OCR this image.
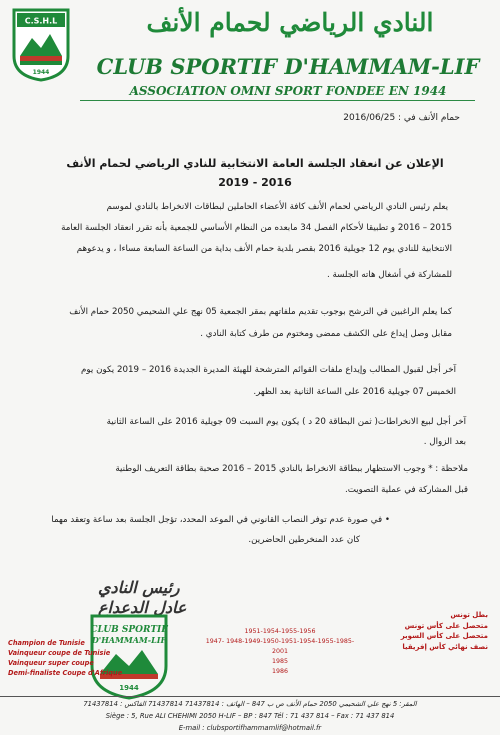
C.S.H.L
1944
النادي الرياضي لحمام الأنف
CLUB SPORTIF D'HAMMAM-LIF
ASSOCIATION OMNI SPORT FONDEE EN 1944
حمام الأنف في : 2016/06/25
الإعلان عن انعقاد الجلسة العامة الانتخابية للنادي الرياضي لحمام الأنف
2016 - 2019
يعلم رئيس النادي الرياضي لحمام الأنف كافة الأعضاء الحاملين لبطاقات الانخراط بالنادي لموسم
2015 – 2016 و تطبيقا لأحكام الفصل 34 مابعده من النظام الأساسي للجمعية بأنه تقرر انعقاد الجلسة العامة
الانتخابية للنادي يوم 12 جويلية 2016 بقصر بلدية حمام الأنف بداية من الساعة السابعة مساءا ، و يدعوهم
للمشاركة في أشغال هاته الجلسة .
كما يعلم الراغبين في الترشح بوجوب تقديم ملفاتهم بمقر الجمعية 05 نهج علي الشحيمي 2050 حمام الأنف
مقابل وصل إيداع على الكشف ممضى ومختوم من طرف كتابة النادي .
آخر أجل لقبول المطالب وإيداع ملفات القوائم المترشحة للهيئة المديرة الجديدة 2016 – 2019 يكون يوم
الخميس 07 جويلية 2016 على الساعة الثانية بعد الظهر.
آخر أجل لبيع الانخراطات( ثمن البطاقة 20 د ) يكون يوم السبت 09 جويلية 2016 على الساعة الثانية
بعد الزوال .
ملاحظة : * وجوب الاستظهار ببطاقة الانخراط بالنادي 2015 – 2016 صحبة بطاقة التعريف الوطنية
قبل المشاركة في عملية التصويت.
• في صورة عدم توفر النصاب القانوني في الموعد المحدد، تؤجل الجلسة بعد ساعة وتعقد مهما
كان عدد المنخرطين الحاضرين.
رئيس النادي
عادل الدعداع
CLUB SPORTIF
D'HAMMAM-LIF
1944
Champion de Tunisie
Vainqueur coupe de Tunisie
Vainqueur super coupe
Demi-finaliste Coupe d'Afrique
1951-1954-1955-1956
1947- 1948-1949-1950-1951-1954-1955-1985-2001
1985
1986
بطل تونس
متحصل على كأس تونس
متحصل على كأس السوبر
نصف نهائي كأس إفريقيا
المقر: 5 نهج علي الشحيمي 2050 حمام الأنف ص ب 847 – الهاتف : 71437814 71437814 الفاكس : 71437814
Siège : 5, Rue ALI CHEHIMI 2050 H-LIF – BP : 847 Tél : 71 437 814 – Fax : 71 437 814
E-mail : clubsportifhammamlif@hotmail.fr
